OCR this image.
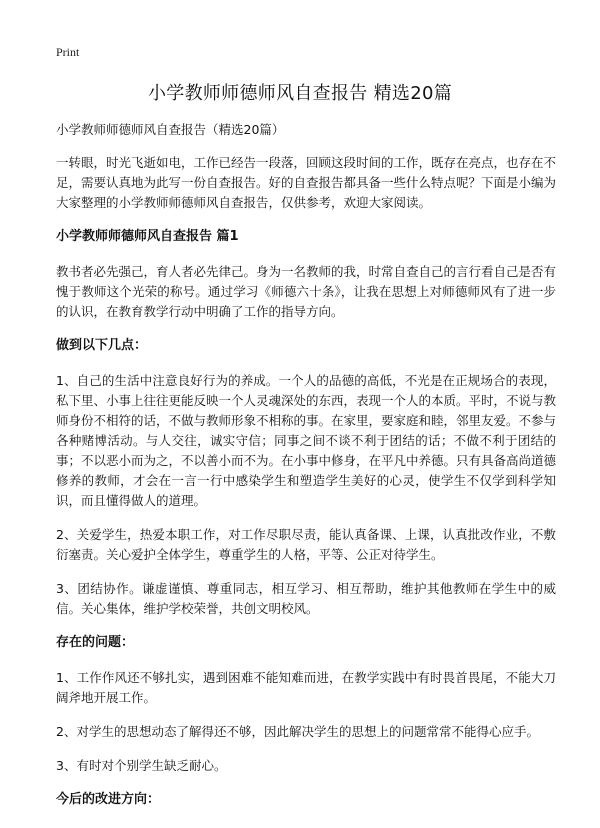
Print
小学教师师德师风自查报告 精选20篇

小学教师师德师风自查报告（精选20篇）

一转眼，时光飞逝如电，工作已经告一段落，回顾这段时间的工作，既存在亮点，也存在不足，需要认真地为此写一份自查报告。好的自查报告都具备一些什么特点呢？下面是小编为大家整理的小学教师师德师风自查报告，仅供参考，欢迎大家阅读。

小学教师师德师风自查报告 篇1

教书者必先强己，育人者必先律己。身为一名教师的我，时常自查自己的言行看自己是否有愧于教师这个光荣的称号。通过学习《师德六十条》，让我在思想上对师德师风有了进一步的认识，在教育教学行动中明确了工作的指导方向。

做到以下几点：

1、自己的生活中注意良好行为的养成。一个人的品德的高低，不光是在正规场合的表现，私下里、小事上往往更能反映一个人灵魂深处的东西，表现一个人的本质。平时，不说与教师身份不相符的话，不做与教师形象不相称的事。在家里，要家庭和睦，邻里友爱。不参与各种赌博活动。与人交往，诚实守信；同事之间不谈不利于团结的话；不做不利于团结的事；不以恶小而为之，不以善小而不为。在小事中修身，在平凡中养德。只有具备高尚道德修养的教师，才会在一言一行中感染学生和塑造学生美好的心灵，使学生不仅学到科学知识，而且懂得做人的道理。

2、关爱学生，热爱本职工作，对工作尽职尽责，能认真备课、上课，认真批改作业，不敷衍塞责。关心爱护全体学生，尊重学生的人格，平等、公正对待学生。

3、团结协作。谦虚谨慎、尊重同志，相互学习、相互帮助，维护其他教师在学生中的威信。关心集体，维护学校荣誉，共创文明校风。

存在的问题：

1、工作作风还不够扎实，遇到困难不能知难而进，在教学实践中有时畏首畏尾，不能大刀阔斧地开展工作。

2、对学生的思想动态了解得还不够，因此解决学生的思想上的问题常常不能得心应手。

3、有时对个别学生缺乏耐心。

今后的改进方向：
